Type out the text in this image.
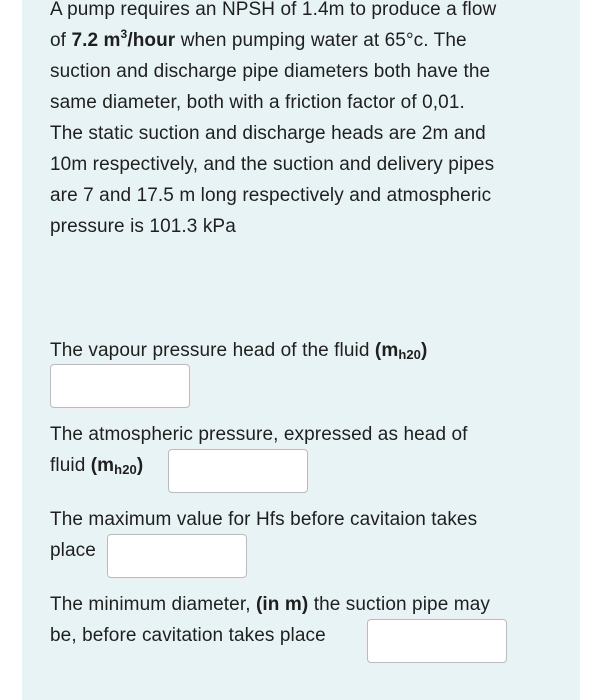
A pump requires an NPSH of 1.4m to produce a flow
of 7.2 $m^3$/hour when pumping water at 65°c. The
suction and discharge pipe diameters both have the
same diameter, both with a friction factor of 0,01.
The static suction and discharge heads are 2m and
10m respectively, and the suction and delivery pipes
are 7 and 17.5 m long respectively and atmospheric
pressure is 101.3 kPa
The vapour pressure head of the fluid $(m_{h20})$
The atmospheric pressure, expressed as head of
fluid $(m_{h20})$
The maximum value for Hfs before cavitaion takes
place
The minimum diameter, (in m) the suction pipe may
be, before cavitation takes place
